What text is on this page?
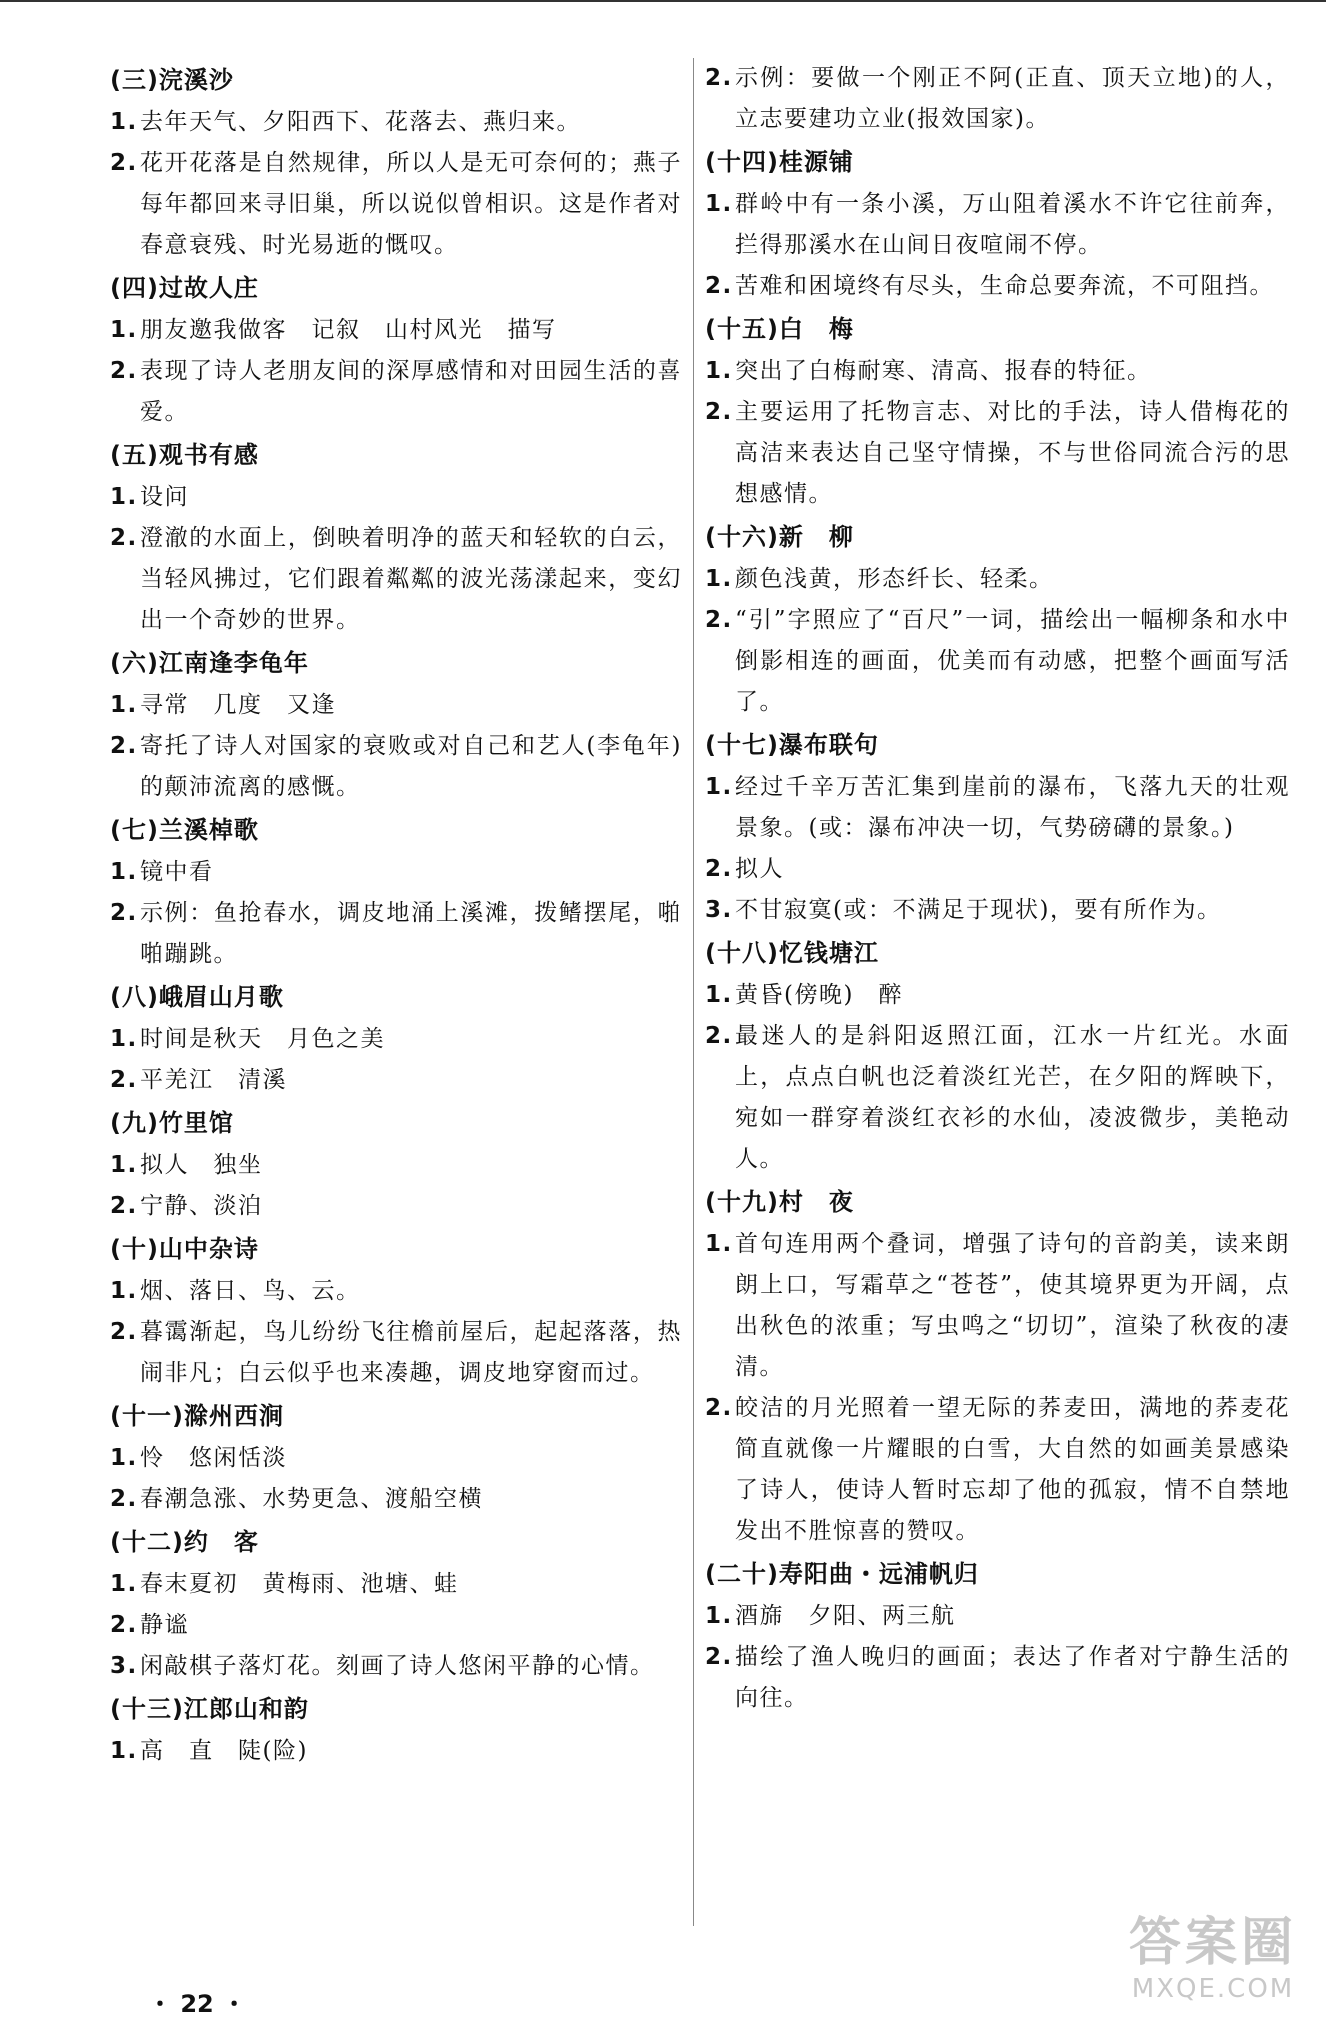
(三)浣溪沙
1. 去年天气、夕阳西下、花落去、燕归来。
2. 花开花落是自然规律，所以人是无可奈何的；燕子每年都回来寻旧巢，所以说似曾相识。这是作者对春意衰残、时光易逝的慨叹。
(四)过故人庄
1. 朋友邀我做客　记叙　山村风光　描写
2. 表现了诗人老朋友间的深厚感情和对田园生活的喜爱。
(五)观书有感
1. 设问
2. 澄澈的水面上，倒映着明净的蓝天和轻软的白云，当轻风拂过，它们跟着粼粼的波光荡漾起来，变幻出一个奇妙的世界。
(六)江南逢李龟年
1. 寻常　几度　又逢
2. 寄托了诗人对国家的衰败或对自己和艺人(李龟年)的颠沛流离的感慨。
(七)兰溪棹歌
1. 镜中看
2. 示例：鱼抢春水，调皮地涌上溪滩，拨鳍摆尾，啪啪蹦跳。
(八)峨眉山月歌
1. 时间是秋天　月色之美
2. 平羌江　清溪
(九)竹里馆
1. 拟人　独坐
2. 宁静、淡泊
(十)山中杂诗
1. 烟、落日、鸟、云。
2. 暮霭渐起，鸟儿纷纷飞往檐前屋后，起起落落，热闹非凡；白云似乎也来凑趣，调皮地穿窗而过。
(十一)滁州西涧
1. 怜　悠闲恬淡
2. 春潮急涨、水势更急、渡船空横
(十二)约　客
1. 春末夏初　黄梅雨、池塘、蛙
2. 静谧
3. 闲敲棋子落灯花。刻画了诗人悠闲平静的心情。
(十三)江郎山和韵
1. 高　直　陡(险)
2. 示例：要做一个刚正不阿(正直、顶天立地)的人，立志要建功立业(报效国家)。
(十四)桂源铺
1. 群岭中有一条小溪，万山阻着溪水不许它往前奔，拦得那溪水在山间日夜喧闹不停。
2. 苦难和困境终有尽头，生命总要奔流，不可阻挡。
(十五)白　梅
1. 突出了白梅耐寒、清高、报春的特征。
2. 主要运用了托物言志、对比的手法，诗人借梅花的高洁来表达自己坚守情操，不与世俗同流合污的思想感情。
(十六)新　柳
1. 颜色浅黄，形态纤长、轻柔。
2. “引”字照应了“百尺”一词，描绘出一幅柳条和水中倒影相连的画面，优美而有动感，把整个画面写活了。
(十七)瀑布联句
1. 经过千辛万苦汇集到崖前的瀑布，飞落九天的壮观景象。(或：瀑布冲决一切，气势磅礴的景象。)
2. 拟人
3. 不甘寂寞(或：不满足于现状)，要有所作为。
(十八)忆钱塘江
1. 黄昏(傍晚)　醉
2. 最迷人的是斜阳返照江面，江水一片红光。水面上，点点白帆也泛着淡红光芒，在夕阳的辉映下，宛如一群穿着淡红衣衫的水仙，凌波微步，美艳动人。
(十九)村　夜
1. 首句连用两个叠词，增强了诗句的音韵美，读来朗朗上口，写霜草之“苍苍”，使其境界更为开阔，点出秋色的浓重；写虫鸣之“切切”，渲染了秋夜的凄清。
2. 皎洁的月光照着一望无际的荞麦田，满地的荞麦花简直就像一片耀眼的白雪，大自然的如画美景感染了诗人，使诗人暂时忘却了他的孤寂，情不自禁地发出不胜惊喜的赞叹。
(二十)寿阳曲・远浦帆归
1. 酒旆　夕阳、两三航
2. 描绘了渔人晚归的画面；表达了作者对宁静生活的向往。
・ 22 ・
答案圈
MXQE.COM
